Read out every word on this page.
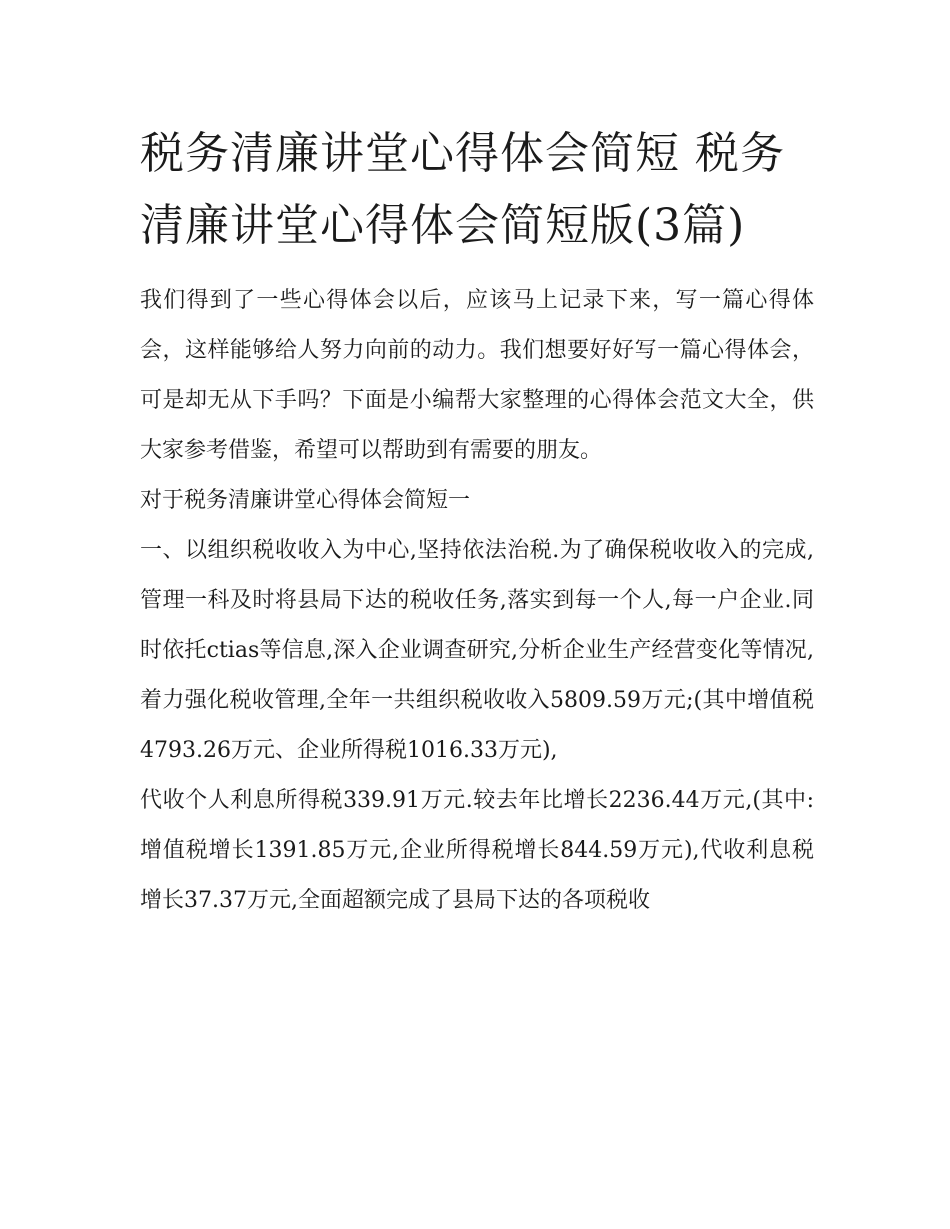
税务清廉讲堂心得体会简短 税务清廉讲堂心得体会简短版(3篇)

我们得到了一些心得体会以后，应该马上记录下来，写一篇心得体会，这样能够给人努力向前的动力。我们想要好好写一篇心得体会，可是却无从下手吗？下面是小编帮大家整理的心得体会范文大全，供大家参考借鉴，希望可以帮助到有需要的朋友。

对于税务清廉讲堂心得体会简短一

一、以组织税收收入为中心,坚持依法治税.为了确保税收收入的完成,管理一科及时将县局下达的税收任务,落实到每一个人,每一户企业.同时依托ctias等信息,深入企业调查研究,分析企业生产经营变化等情况,着力强化税收管理,全年一共组织税收收入5809.59万元;(其中增值税4793.26万元、企业所得税1016.33万元),

代收个人利息所得税339.91万元.较去年比增长2236.44万元,(其中:增值税增长1391.85万元,企业所得税增长844.59万元),代收利息税增长37.37万元,全面超额完成了县局下达的各项税收
